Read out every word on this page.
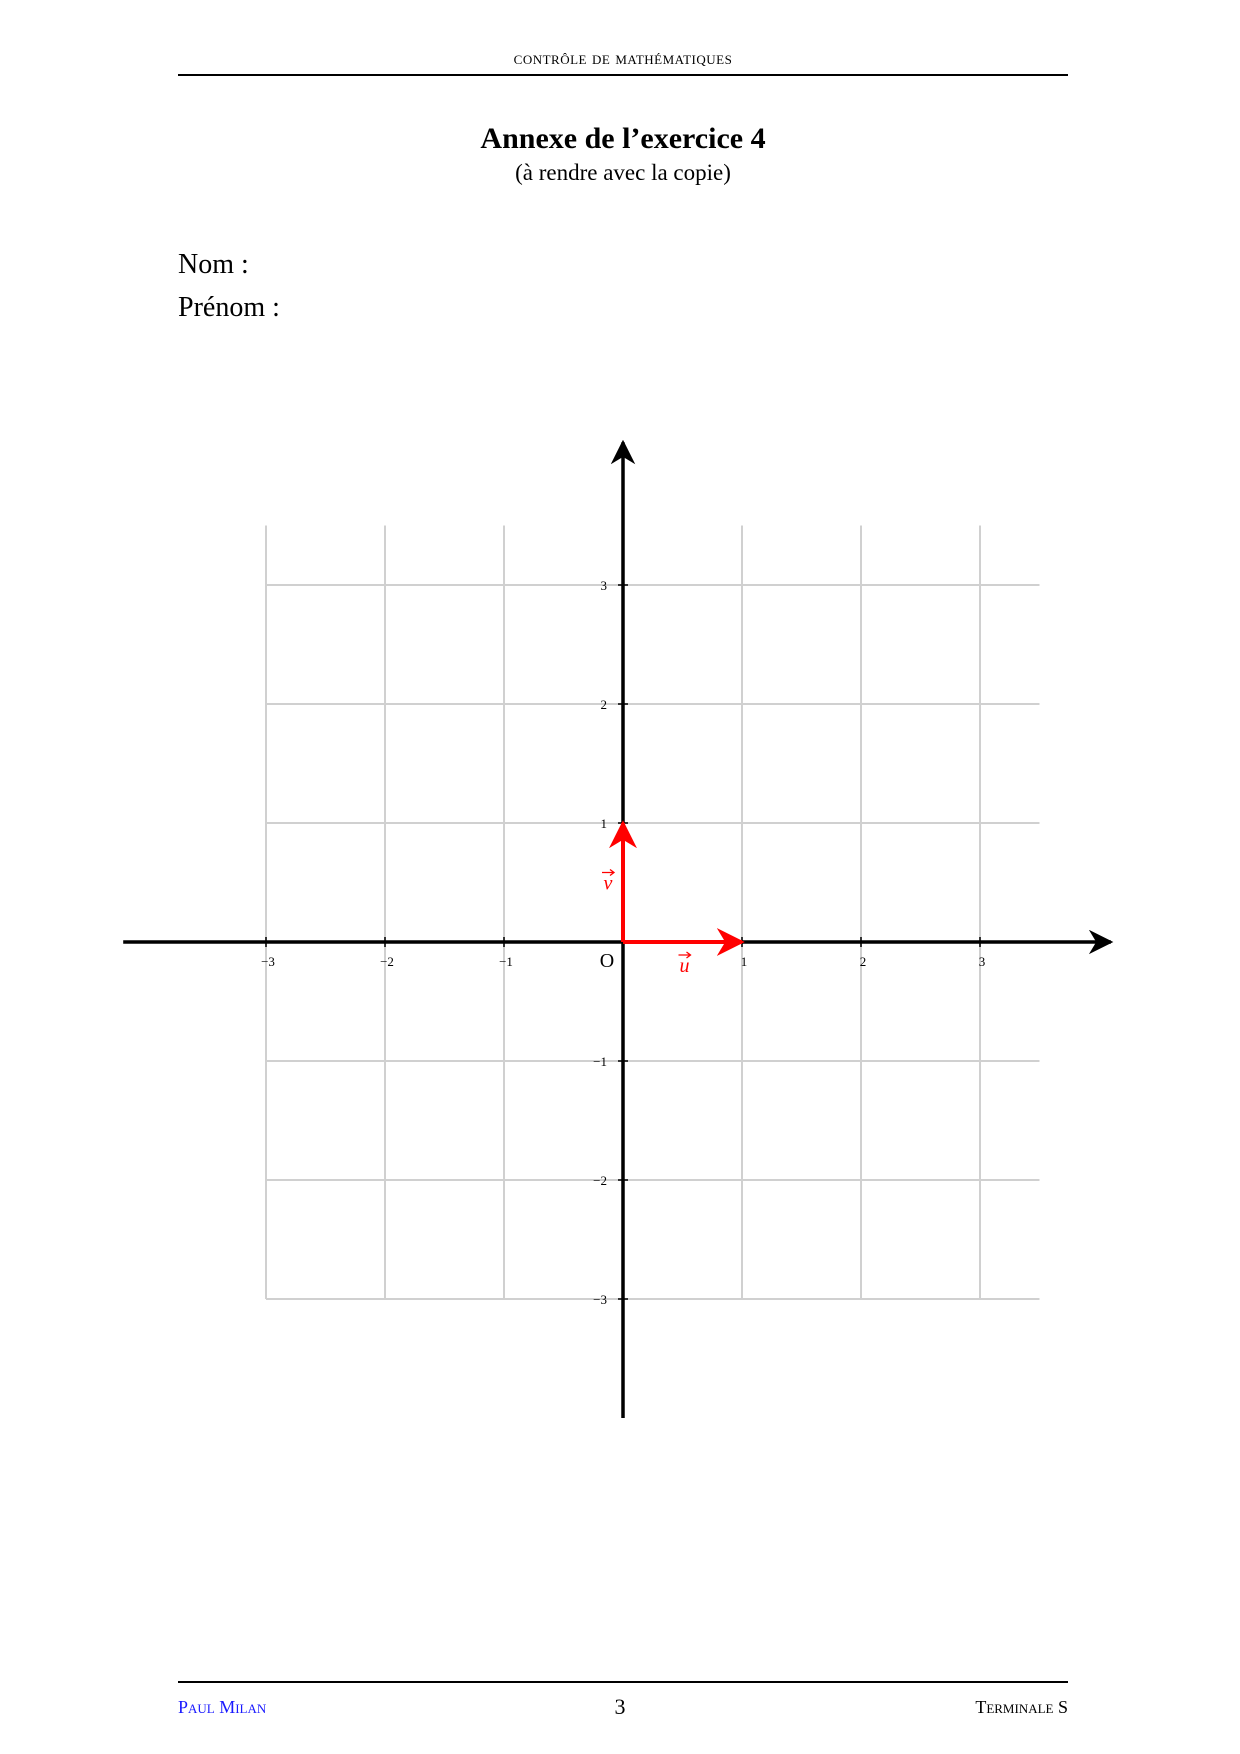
contrôle de mathématiques
Annexe de l’exercice 4
(à rendre avec la copie)
Nom :
Prénom :
−3	−2	−1	1	2	3
−3
−2
−1
1
2
3
O	u
v
Paul Milan	3	Terminale S
